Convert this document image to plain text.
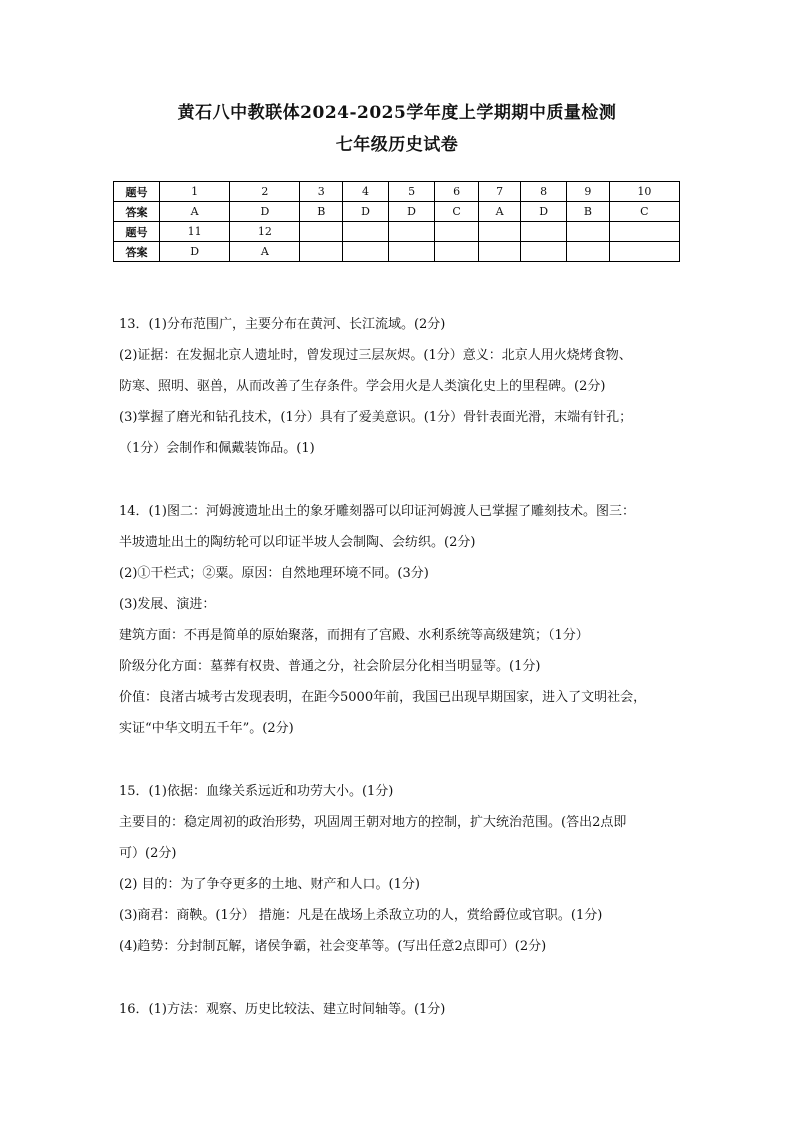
黄石八中教联体2024-2025学年度上学期期中质量检测
七年级历史试卷
题号	1	2	3	4	5	6	7	8	9	10
答案	A	D	B	D	D	C	A	D	B	C
题号	11	12								
答案	D	A								
13．(1)分布范围广，主要分布在黄河、长江流域。(2分)
(2)证据：在发掘北京人遗址时，曾发现过三层灰烬。(1分）意义：北京人用火烧烤食物、
防寒、照明、驱兽，从而改善了生存条件。学会用火是人类演化史上的里程碑。(2分)
(3)掌握了磨光和钻孔技术，(1分）具有了爱美意识。(1分）骨针表面光滑，末端有针孔；
（1分）会制作和佩戴装饰品。(1)
14．(1)图二：河姆渡遗址出土的象牙雕刻器可以印证河姆渡人已掌握了雕刻技术。图三：
半坡遗址出土的陶纺轮可以印证半坡人会制陶、会纺织。(2分)
(2)①干栏式；②粟。原因：自然地理环境不同。(3分)
(3)发展、演进：
建筑方面：不再是简单的原始聚落，而拥有了宫殿、水利系统等高级建筑；（1分）
阶级分化方面：墓葬有权贵、普通之分，社会阶层分化相当明显等。(1分)
价值：良渚古城考古发现表明，在距今5000年前，我国已出现早期国家，进入了文明社会，
实证“中华文明五千年”。(2分)
15．(1)依据：血缘关系远近和功劳大小。(1分)
主要目的：稳定周初的政治形势，巩固周王朝对地方的控制，扩大统治范围。(答出2点即
可）(2分)
(2) 目的：为了争夺更多的土地、财产和人口。(1分)
(3)商君：商鞅。(1分） 措施：凡是在战场上杀敌立功的人，赏给爵位或官职。(1分)
(4)趋势：分封制瓦解，诸侯争霸，社会变革等。(写出任意2点即可）(2分)
16．(1)方法：观察、历史比较法、建立时间轴等。(1分)
